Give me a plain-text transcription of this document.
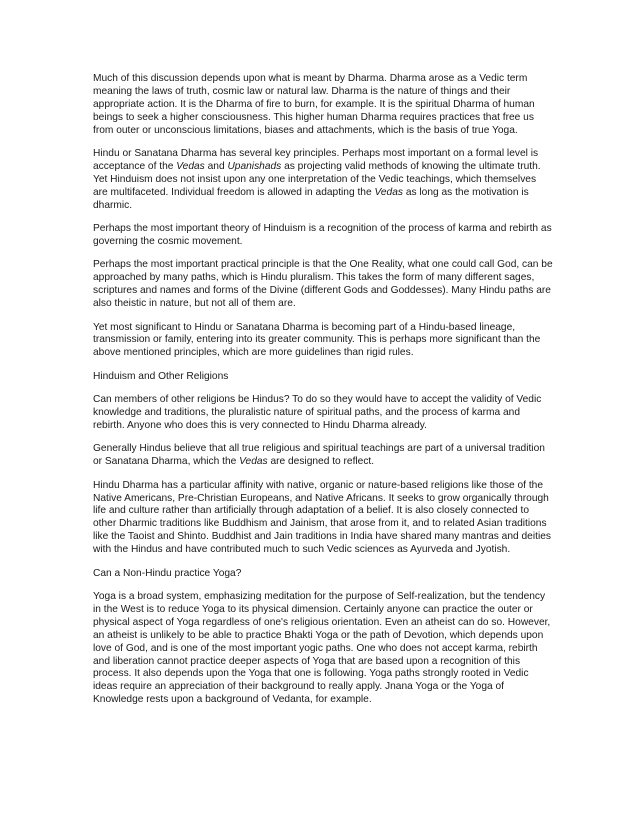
Much of this discussion depends upon what is meant by Dharma. Dharma arose as a Vedic term meaning the laws of truth, cosmic law or natural law. Dharma is the nature of things and their appropriate action. It is the Dharma of fire to burn, for example. It is the spiritual Dharma of human beings to seek a higher consciousness. This higher human Dharma requires practices that free us from outer or unconscious limitations, biases and attachments, which is the basis of true Yoga.

Hindu or Sanatana Dharma has several key principles. Perhaps most important on a formal level is acceptance of the Vedas and Upanishads as projecting valid methods of knowing the ultimate truth. Yet Hinduism does not insist upon any one interpretation of the Vedic teachings, which themselves are multifaceted. Individual freedom is allowed in adapting the Vedas as long as the motivation is dharmic.

Perhaps the most important theory of Hinduism is a recognition of the process of karma and rebirth as governing the cosmic movement.

Perhaps the most important practical principle is that the One Reality, what one could call God, can be approached by many paths, which is Hindu pluralism. This takes the form of many different sages, scriptures and names and forms of the Divine (different Gods and Goddesses). Many Hindu paths are also theistic in nature, but not all of them are.

Yet most significant to Hindu or Sanatana Dharma is becoming part of a Hindu-based lineage, transmission or family, entering into its greater community. This is perhaps more significant than the above mentioned principles, which are more guidelines than rigid rules.

Hinduism and Other Religions

Can members of other religions be Hindus? To do so they would have to accept the validity of Vedic knowledge and traditions, the pluralistic nature of spiritual paths, and the process of karma and rebirth. Anyone who does this is very connected to Hindu Dharma already.

Generally Hindus believe that all true religious and spiritual teachings are part of a universal tradition or Sanatana Dharma, which the Vedas are designed to reflect.

Hindu Dharma has a particular affinity with native, organic or nature-based religions like those of the Native Americans, Pre-Christian Europeans, and Native Africans. It seeks to grow organically through life and culture rather than artificially through adaptation of a belief. It is also closely connected to other Dharmic traditions like Buddhism and Jainism, that arose from it, and to related Asian traditions like the Taoist and Shinto. Buddhist and Jain traditions in India have shared many mantras and deities with the Hindus and have contributed much to such Vedic sciences as Ayurveda and Jyotish.

Can a Non-Hindu practice Yoga?

Yoga is a broad system, emphasizing meditation for the purpose of Self-realization, but the tendency in the West is to reduce Yoga to its physical dimension. Certainly anyone can practice the outer or physical aspect of Yoga regardless of one's religious orientation. Even an atheist can do so. However, an atheist is unlikely to be able to practice Bhakti Yoga or the path of Devotion, which depends upon love of God, and is one of the most important yogic paths. One who does not accept karma, rebirth and liberation cannot practice deeper aspects of Yoga that are based upon a recognition of this process. It also depends upon the Yoga that one is following. Yoga paths strongly rooted in Vedic ideas require an appreciation of their background to really apply. Jnana Yoga or the Yoga of Knowledge rests upon a background of Vedanta, for example.
